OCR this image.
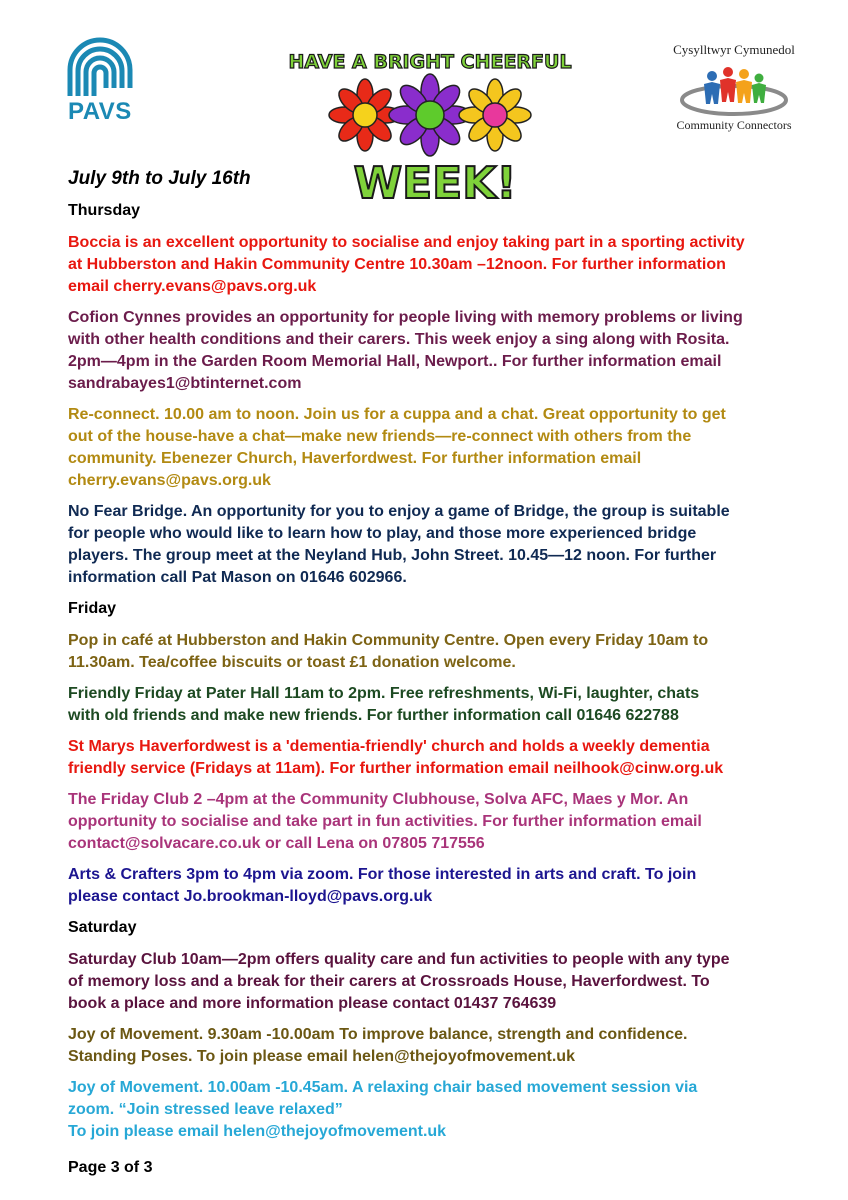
PAVS
HAVE A BRIGHT CHEERFUL
WEEK!
Cysylltwyr Cymunedol
Community Connectors
July 9th to July 16th
Thursday
Boccia is an excellent opportunity to socialise and enjoy taking part in a sporting activity
at Hubberston and Hakin Community Centre 10.30am –12noon. For further information
email cherry.evans@pavs.org.uk
Cofion Cynnes provides an opportunity for people living with memory problems or living
with other health conditions and their carers. This week enjoy a sing along with Rosita.
2pm—4pm in the Garden Room Memorial Hall, Newport.. For further information email
sandrabayes1@btinternet.com
Re-connect. 10.00 am to noon. Join us for a cuppa and a chat. Great opportunity to get
out of the house-have a chat—make new friends—re-connect with others from the
community. Ebenezer Church, Haverfordwest. For further information email
cherry.evans@pavs.org.uk
No Fear Bridge. An opportunity for you to enjoy a game of Bridge, the group is suitable
for people who would like to learn how to play, and those more experienced bridge
players. The group meet at the Neyland Hub, John Street. 10.45—12 noon. For further
information call Pat Mason on 01646 602966.
Friday
Pop in café at Hubberston and Hakin Community Centre. Open every Friday 10am to
11.30am. Tea/coffee biscuits or toast £1 donation welcome.
Friendly Friday at Pater Hall 11am to 2pm. Free refreshments, Wi-Fi, laughter, chats
with old friends and make new friends. For further information call 01646 622788
St Marys Haverfordwest is a 'dementia-friendly' church and holds a weekly dementia
friendly service (Fridays at 11am). For further information email neilhook@cinw.org.uk
The Friday Club 2 –4pm at the Community Clubhouse, Solva AFC, Maes y Mor. An
opportunity to socialise and take part in fun activities. For further information email
contact@solvacare.co.uk or call Lena on 07805 717556
Arts & Crafters 3pm to 4pm via zoom. For those interested in arts and craft. To join
please contact Jo.brookman-lloyd@pavs.org.uk
Saturday
Saturday Club 10am—2pm offers quality care and fun activities to people with any type
of memory loss and a break for their carers at Crossroads House, Haverfordwest. To
book a place and more information please contact 01437 764639
Joy of Movement. 9.30am -10.00am To improve balance, strength and confidence.
Standing Poses. To join please email helen@thejoyofmovement.uk
Joy of Movement. 10.00am -10.45am. A relaxing chair based movement session via
zoom. “Join stressed leave relaxed”
To join please email helen@thejoyofmovement.uk
Page 3 of 3
